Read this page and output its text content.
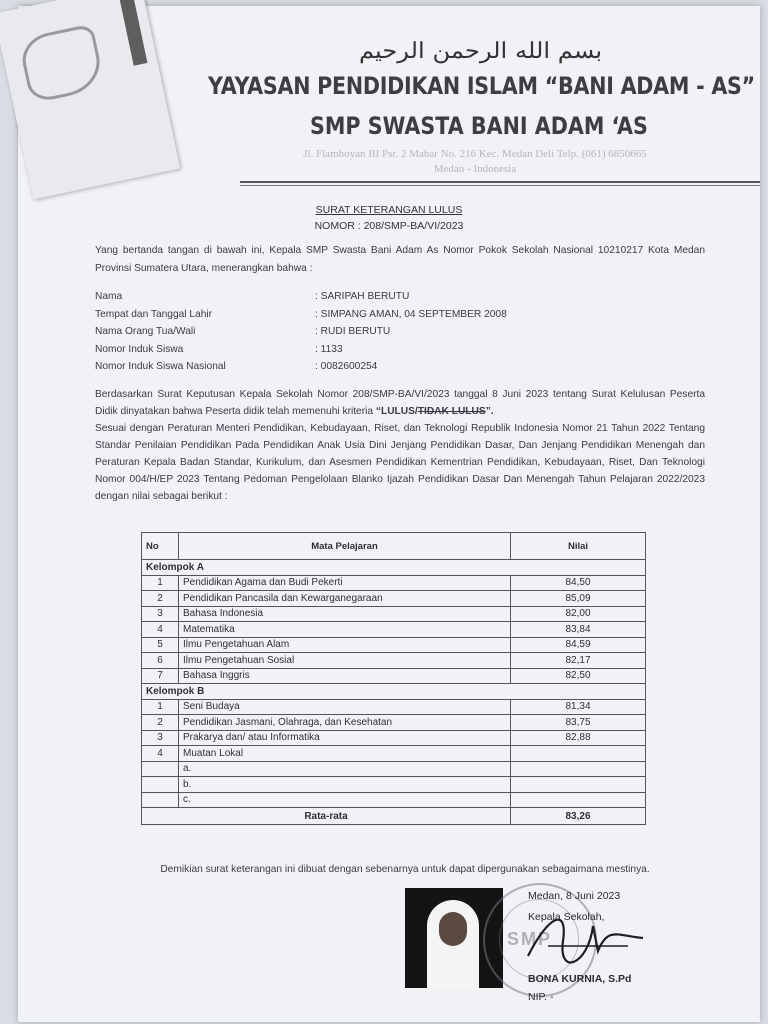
بسم الله الرحمن الرحيم
YAYASAN PENDIDIKAN ISLAM “BANI ADAM - AS”
SMP SWASTA BANI ADAM ‘AS
Jl. Flamboyan III Psr. 2 Mabar No. 216 Kec. Medan Deli Telp. (061) 6850665
Medan - Indonesia
SURAT KETERANGAN LULUS
NOMOR : 208/SMP-BA/VI/2023
Yang bertanda tangan di bawah ini, Kepala SMP Swasta Bani Adam As Nomor Pokok Sekolah Nasional 10210217 Kota Medan Provinsi Sumatera Utara, menerangkan bahwa :
Nama	: SARIPAH BERUTU
Tempat dan Tanggal Lahir	: SIMPANG AMAN, 04 SEPTEMBER 2008
Nama Orang Tua/Wali	: RUDI BERUTU
Nomor Induk Siswa	: 1133
Nomor Induk Siswa Nasional	: 0082600254
Berdasarkan Surat Keputusan Kepala Sekolah Nomor 208/SMP-BA/VI/2023 tanggal 8 Juni 2023 tentang Surat Kelulusan Peserta Didik dinyatakan bahwa Peserta didik telah memenuhi kriteria “LULUS/TIDAK LULUS”.
Sesuai dengan Peraturan Menteri Pendidikan, Kebudayaan, Riset, dan Teknologi Republik Indonesia Nomor 21 Tahun 2022 Tentang Standar Penilaian Pendidikan Pada Pendidikan Anak Usia Dini Jenjang Pendidikan Dasar, Dan Jenjang Pendidikan Menengah dan Peraturan Kepala Badan Standar, Kurikulum, dan Asesmen Pendidikan Kementrian Pendidikan, Kebudayaan, Riset, Dan Teknologi Nomor 004/H/EP 2023 Tentang Pedoman Pengelolaan Blanko Ijazah Pendidikan Dasar Dan Menengah Tahun Pelajaran 2022/2023 dengan nilai sebagai berikut :
No	Mata Pelajaran	Nilai
Kelompok A		
1	Pendidikan Agama dan Budi Pekerti	84,50
2	Pendidikan Pancasila dan Kewarganegaraan	85,09
3	Bahasa Indonesia	82,00
4	Matematika	83,84
5	Ilmu Pengetahuan Alam	84,59
6	Ilmu Pengetahuan Sosial	82,17
7	Bahasa Inggris	82,50
Kelompok B		
1	Seni Budaya	81,34
2	Pendidikan Jasmani, Olahraga, dan Kesehatan	83,75
3	Prakarya dan/ atau Informatika	82,88
4	Muatan Lokal	
	a.	
	b.	
	c.	
Rata-rata		83,26
Demikian surat keterangan ini dibuat dengan sebenarnya untuk dapat dipergunakan sebagaimana mestinya.
SMP
Medan, 8 Juni 2023
Kepala Sekolah,
BONA KURNIA, S.Pd
NIP. -
